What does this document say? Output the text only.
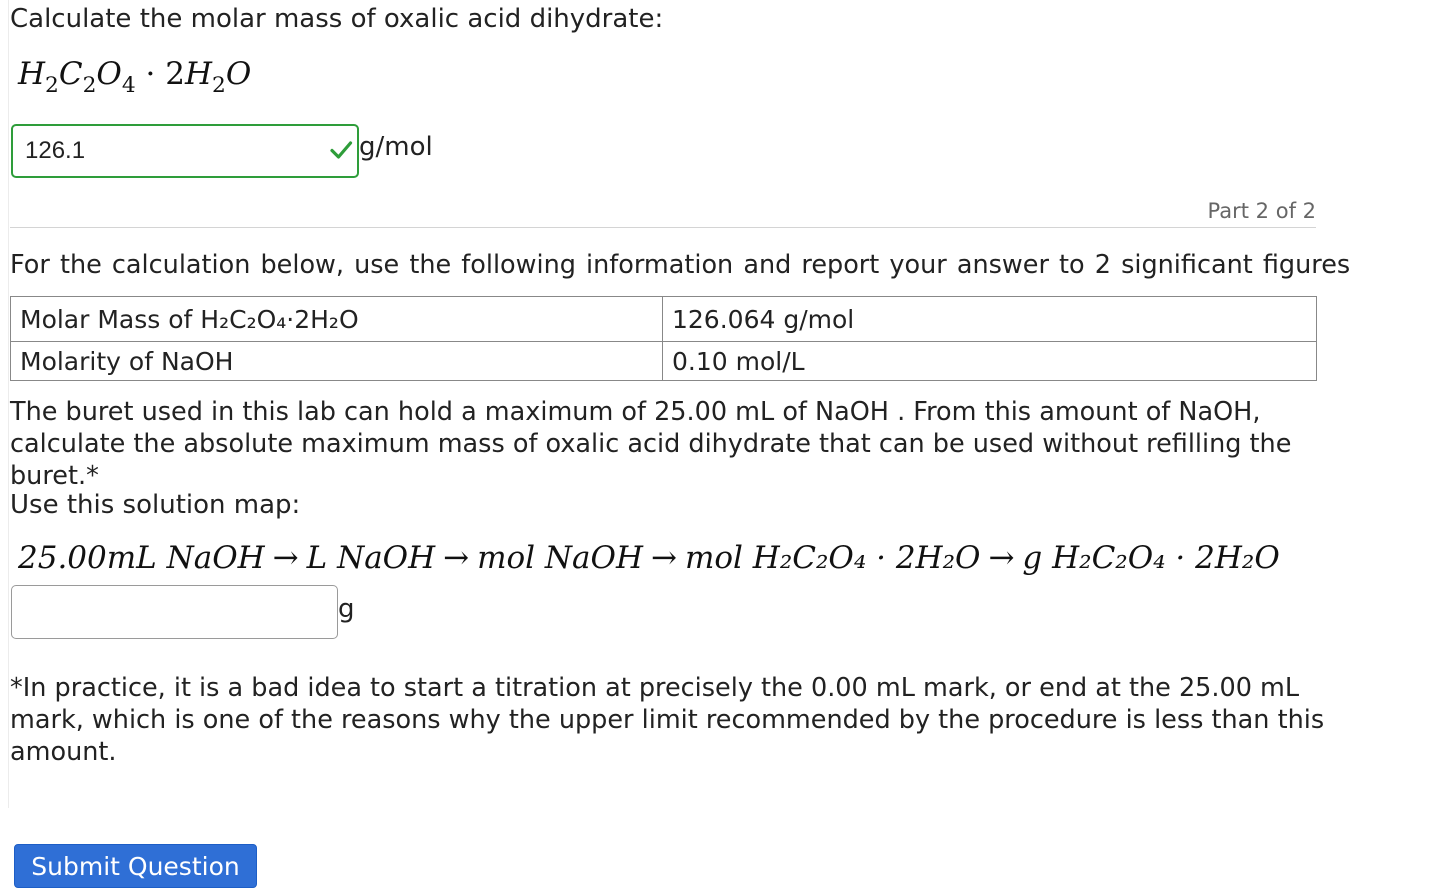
Calculate the molar mass of oxalic acid dihydrate:
$H_2C_2O_4 \cdot 2H_2O$
126.1	g/mol
Part 2 of 2
For the calculation below, use the following information and report your answer to 2 significant figures
Molar Mass of H₂C₂O₄·2H₂O	126.064 g/mol
Molarity of NaOH	0.10 mol/L
The buret used in this lab can hold a maximum of 25.00 mL of NaOH . From this amount of NaOH, calculate the absolute maximum mass of oxalic acid dihydrate that can be used without refilling the buret.*
Use this solution map:
25.00mL NaOH → L NaOH → mol NaOH → mol H₂C₂O₄ · 2H₂O → g H₂C₂O₄ · 2H₂O
g
*In practice, it is a bad idea to start a titration at precisely the 0.00 mL mark, or end at the 25.00 mL mark, which is one of the reasons why the upper limit recommended by the procedure is less than this amount.
Submit Question
